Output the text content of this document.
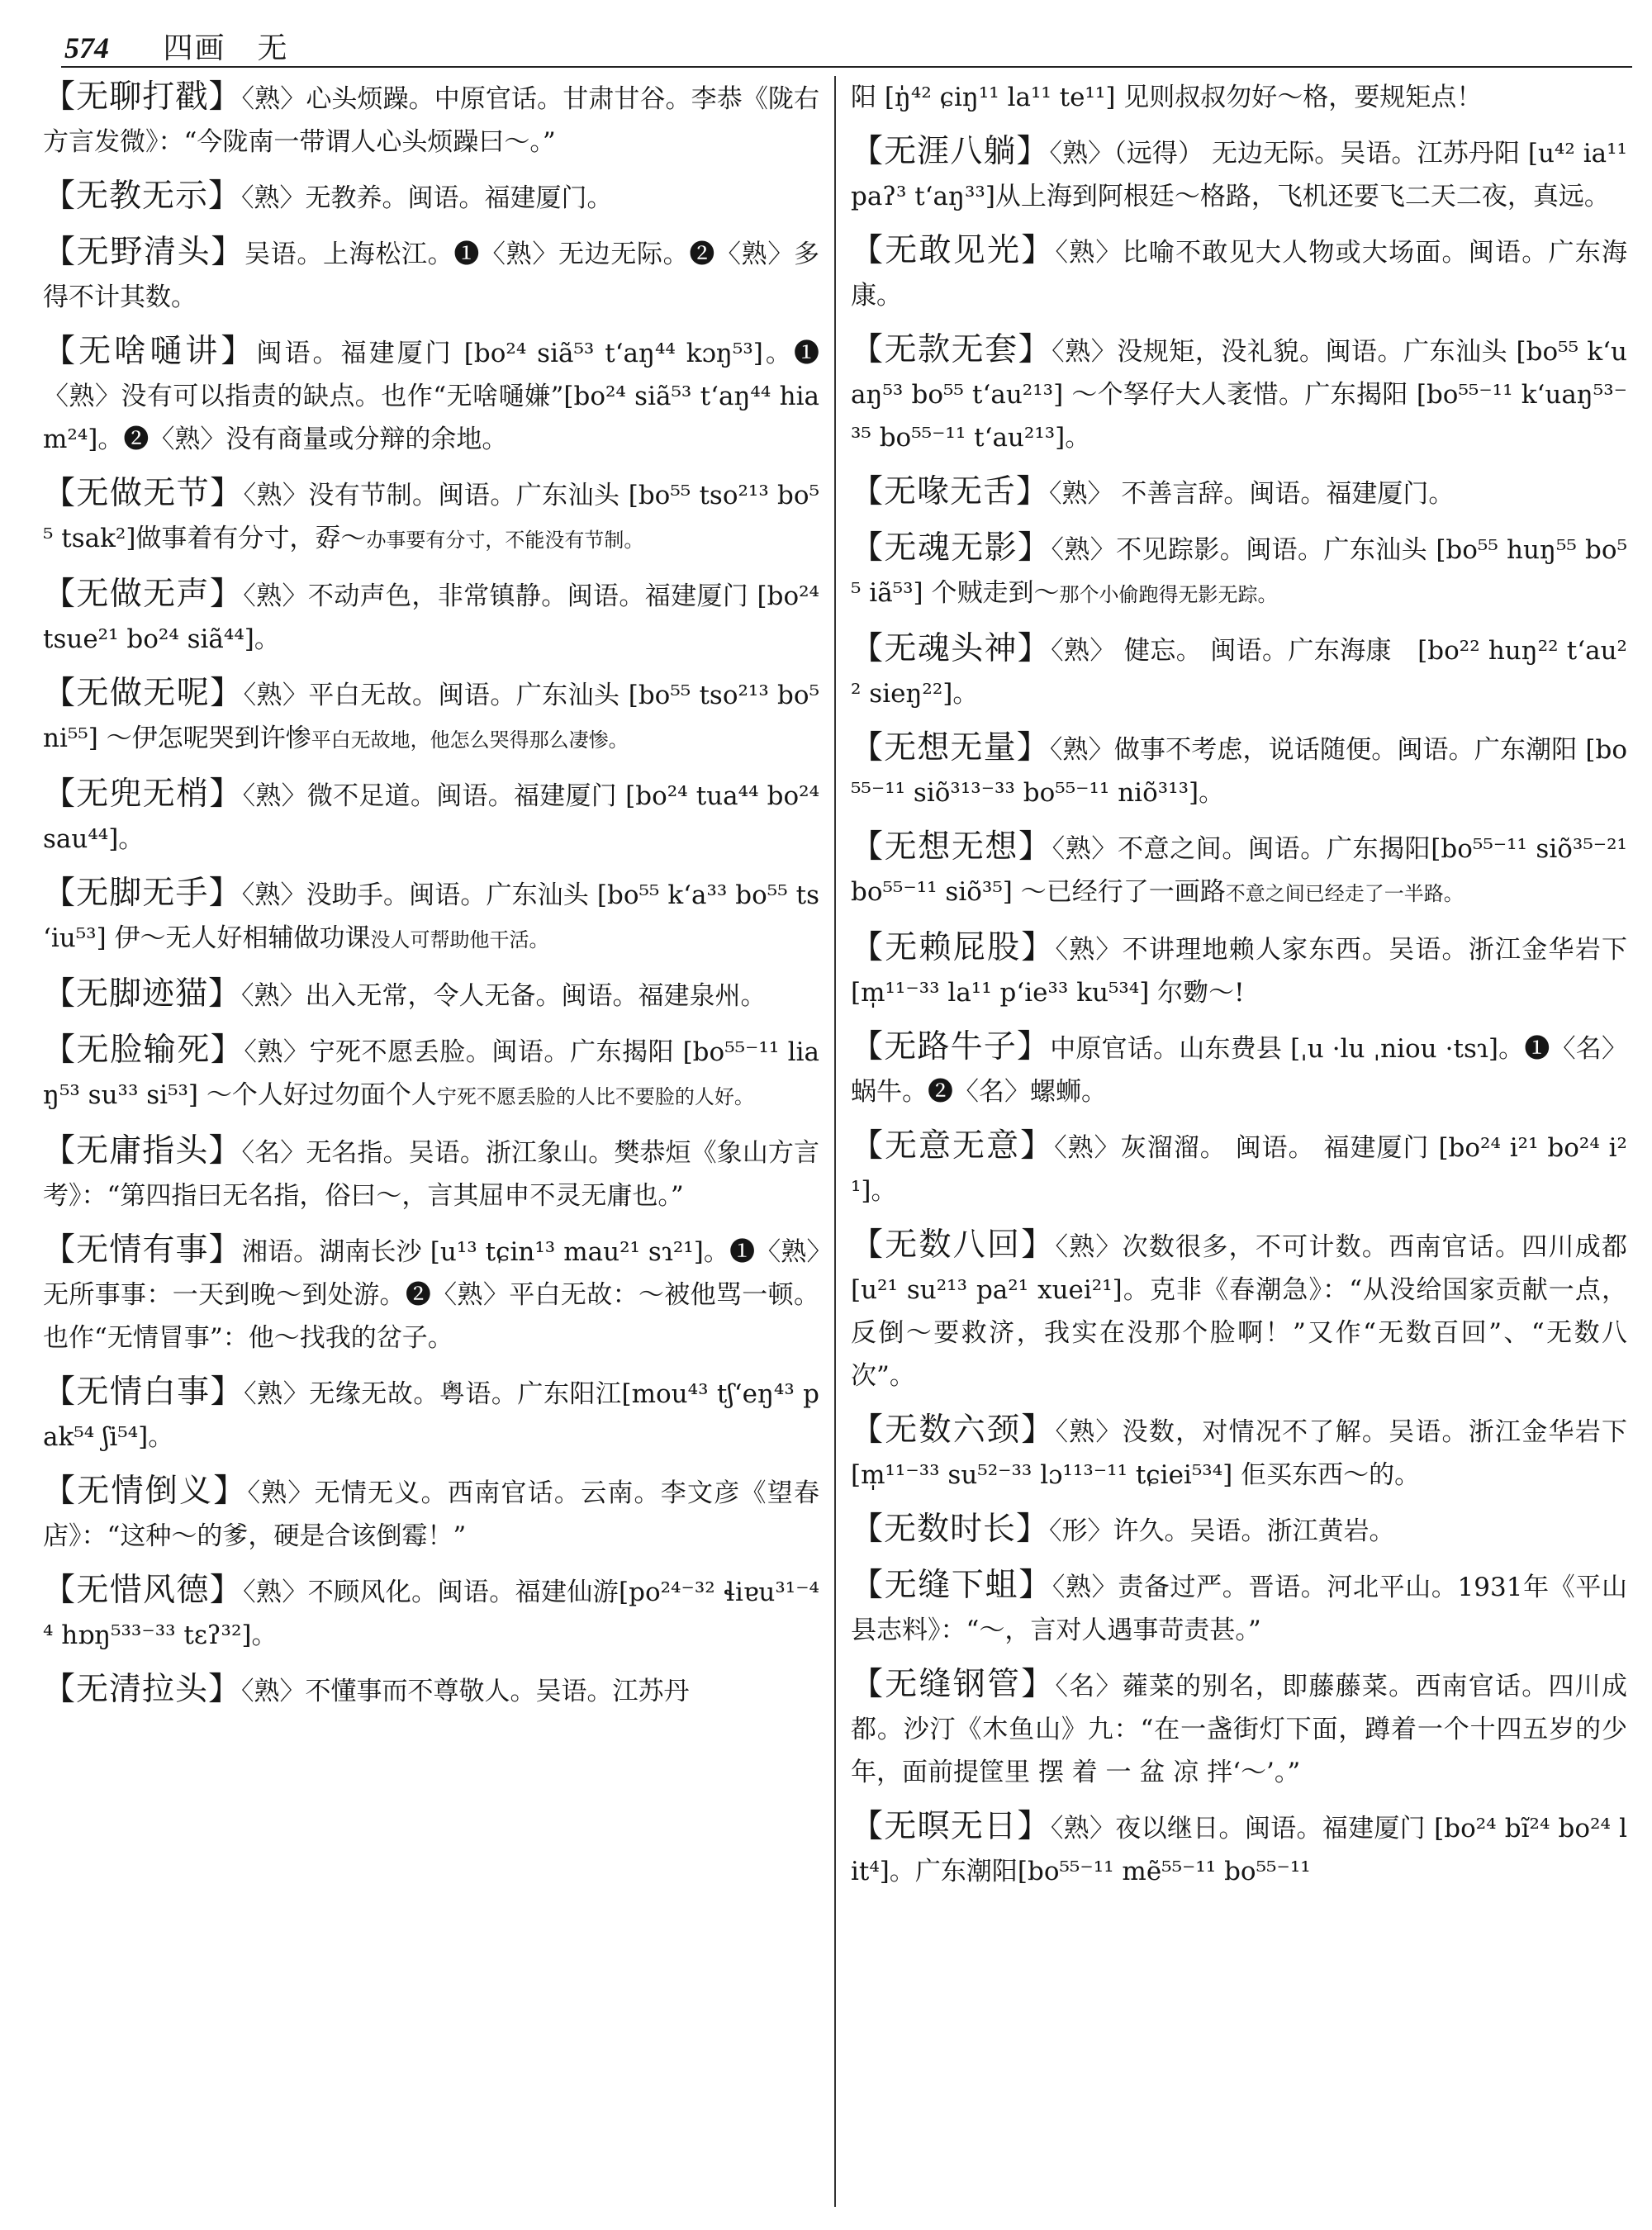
574 四画　无

【无聊打戳】〈熟〉心头烦躁。中原官话。甘肃甘谷。李恭《陇右方言发微》：“今陇南一带谓人心头烦躁曰～。”

【无教无示】〈熟〉无教养。闽语。福建厦门。

【无野清头】吴语。上海松江。❶〈熟〉无边无际。❷〈熟〉多得不计其数。

【无啥嗵讲】闽语。福建厦门 [bo²⁴ siã⁵³ tʻaŋ⁴⁴ kɔŋ⁵³]。❶〈熟〉没有可以指责的缺点。也作“无啥嗵嫌”[bo²⁴ siã⁵³ tʻaŋ⁴⁴ hiam²⁴]。❷〈熟〉没有商量或分辩的余地。

【无做无节】〈熟〉没有节制。闽语。广东汕头 [bo⁵⁵ tso²¹³ bo⁵⁵ tsak²]做事着有分寸，孬～办事要有分寸，不能没有节制。

【无做无声】〈熟〉不动声色，非常镇静。闽语。福建厦门 [bo²⁴ tsue²¹ bo²⁴ siã⁴⁴]。

【无做无呢】〈熟〉平白无故。闽语。广东汕头 [bo⁵⁵ tso²¹³ bo⁵ ni⁵⁵] ～伊怎呢哭到许惨平白无故地，他怎么哭得那么凄惨。

【无兜无梢】〈熟〉微不足道。闽语。福建厦门 [bo²⁴ tua⁴⁴ bo²⁴ sau⁴⁴]。

【无脚无手】〈熟〉没助手。闽语。广东汕头 [bo⁵⁵ kʻa³³ bo⁵⁵ tsʻiu⁵³] 伊～无人好相辅做功课没人可帮助他干活。

【无脚迹猫】〈熟〉出入无常，令人无备。闽语。福建泉州。

【无脸输死】〈熟〉宁死不愿丢脸。闽语。广东揭阳 [bo⁵⁵⁻¹¹ liaŋ⁵³ su³³ si⁵³] ～个人好过勿面个人宁死不愿丢脸的人比不要脸的人好。

【无庸指头】〈名〉无名指。吴语。浙江象山。樊恭烜《象山方言考》：“第四指曰无名指，俗曰～，言其屈申不灵无庸也。”

【无情有事】湘语。湖南长沙 [u¹³ tɕin¹³ mau²¹ sɿ²¹]。❶〈熟〉无所事事：一天到晚～到处游。❷〈熟〉平白无故：～被他骂一顿。也作“无情冒事”：他～找我的岔子。

【无情白事】〈熟〉无缘无故。粤语。广东阳江[mou⁴³ tʃʻeŋ⁴³ pak⁵⁴ ʃi⁵⁴]。

【无情倒义】〈熟〉无情无义。西南官话。云南。李文彦《望春店》：“这种～的爹，硬是合该倒霉！”

【无惜风德】〈熟〉不顾风化。闽语。福建仙游[po²⁴⁻³² ɬiɐu³¹⁻⁴⁴ hɒŋ⁵³³⁻³³ tɛʔ³²]。

【无清拉头】〈熟〉不懂事而不尊敬人。吴语。江苏丹

阳 [ŋ̍⁴² ɕiŋ¹¹ la¹¹ te¹¹] 见则叔叔勿好～格，要规矩点！

【无涯八躺】〈熟〉（远得） 无边无际。吴语。江苏丹阳 [u⁴² ia¹¹ paʔ³ tʻaŋ³³]从上海到阿根廷～格路，飞机还要飞二天二夜，真远。

【无敢见光】〈熟〉比喻不敢见大人物或大场面。闽语。广东海康。

【无款无套】〈熟〉没规矩，没礼貌。闽语。广东汕头 [bo⁵⁵ kʻuaŋ⁵³ bo⁵⁵ tʻau²¹³] ～个孥仔大人袤惜。广东揭阳 [bo⁵⁵⁻¹¹ kʻuaŋ⁵³⁻³⁵ bo⁵⁵⁻¹¹ tʻau²¹³]。

【无喙无舌】〈熟〉 不善言辞。闽语。福建厦门。

【无魂无影】〈熟〉不见踪影。闽语。广东汕头 [bo⁵⁵ huŋ⁵⁵ bo⁵⁵ iã⁵³] 个贼走到～那个小偷跑得无影无踪。

【无魂头神】〈熟〉 健忘。 闽语。广东海康　[bo²² huŋ²² tʻau²² sieŋ²²]。

【无想无量】〈熟〉做事不考虑，说话随便。闽语。广东潮阳 [bo⁵⁵⁻¹¹ siõ³¹³⁻³³ bo⁵⁵⁻¹¹ niõ³¹³]。

【无想无想】〈熟〉不意之间。闽语。广东揭阳[bo⁵⁵⁻¹¹ siõ³⁵⁻²¹ bo⁵⁵⁻¹¹ siõ³⁵] ～已经行了一画路不意之间已经走了一半路。

【无赖屁股】〈熟〉不讲理地赖人家东西。吴语。浙江金华岩下 [m̩¹¹⁻³³ la¹¹ pʻie³³ ku⁵³⁴] 尔覅～!

【无路牛子】中原官话。山东费县 [ˌu ·lu ˌniou ·tsɿ]。❶〈名〉蜗牛。❷〈名〉螺蛳。

【无意无意】〈熟〉灰溜溜。 闽语。 福建厦门 [bo²⁴ i²¹ bo²⁴ i²¹]。

【无数八回】〈熟〉次数很多，不可计数。西南官话。四川成都 [u²¹ su²¹³ pa²¹ xuei²¹]。克非《春潮急》：“从没给国家贡献一点，反倒～要救济，我实在没那个脸啊！”又作“无数百回”、“无数八次”。

【无数六颈】〈熟〉没数，对情况不了解。吴语。浙江金华岩下 [m̩¹¹⁻³³ su⁵²⁻³³ lɔ¹¹³⁻¹¹ tɕiei⁵³⁴] 佢买东西～的。

【无数时长】〈形〉许久。吴语。浙江黄岩。

【无缝下蛆】〈熟〉责备过严。晋语。河北平山。1931年《平山县志料》：“～，言对人遇事苛责甚。”

【无缝钢管】〈名〉蕹菜的别名，即藤藤菜。西南官话。四川成都。沙汀《木鱼山》九：“在一盏街灯下面，蹲着一个十四五岁的少年，面前提筐里 摆 着 一 盆 凉 拌‘～’。”

【无暝无日】〈熟〉夜以继日。闽语。福建厦门 [bo²⁴ bĩ²⁴ bo²⁴ lit⁴]。广东潮阳[bo⁵⁵⁻¹¹ mẽ⁵⁵⁻¹¹ bo⁵⁵⁻¹¹
